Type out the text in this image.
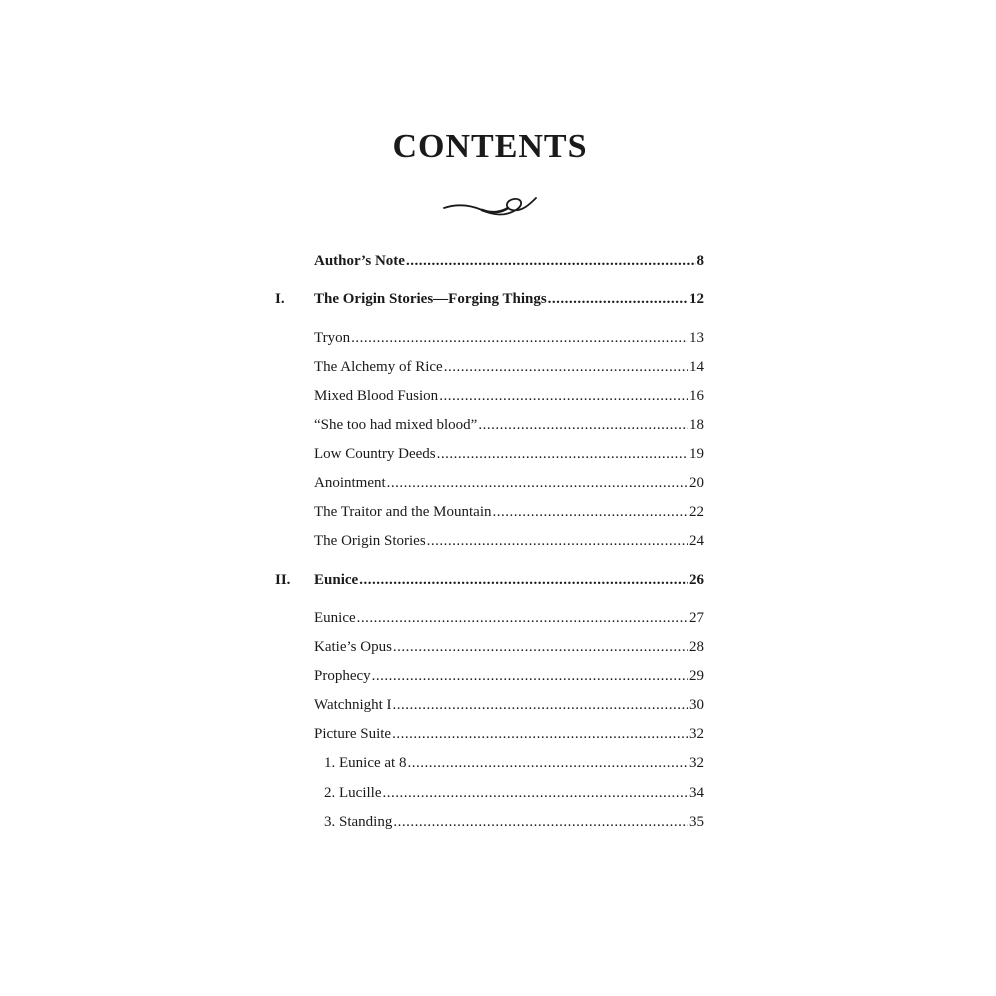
CONTENTS
Author’s Note .....	8
I. The Origin Stories—Forging Things .....	12
Tryon .....	13
The Alchemy of Rice .....	14
Mixed Blood Fusion .....	16
“She too had mixed blood” .....	18
Low Country Deeds .....	19
Anointment .....	20
The Traitor and the Mountain .....	22
The Origin Stories .....	24
II. Eunice .....	26
Eunice .....	27
Katie’s Opus .....	28
Prophecy .....	29
Watchnight I .....	30
Picture Suite .....	32
1. Eunice at 8 .....	32
2. Lucille .....	34
3. Standing .....	35
